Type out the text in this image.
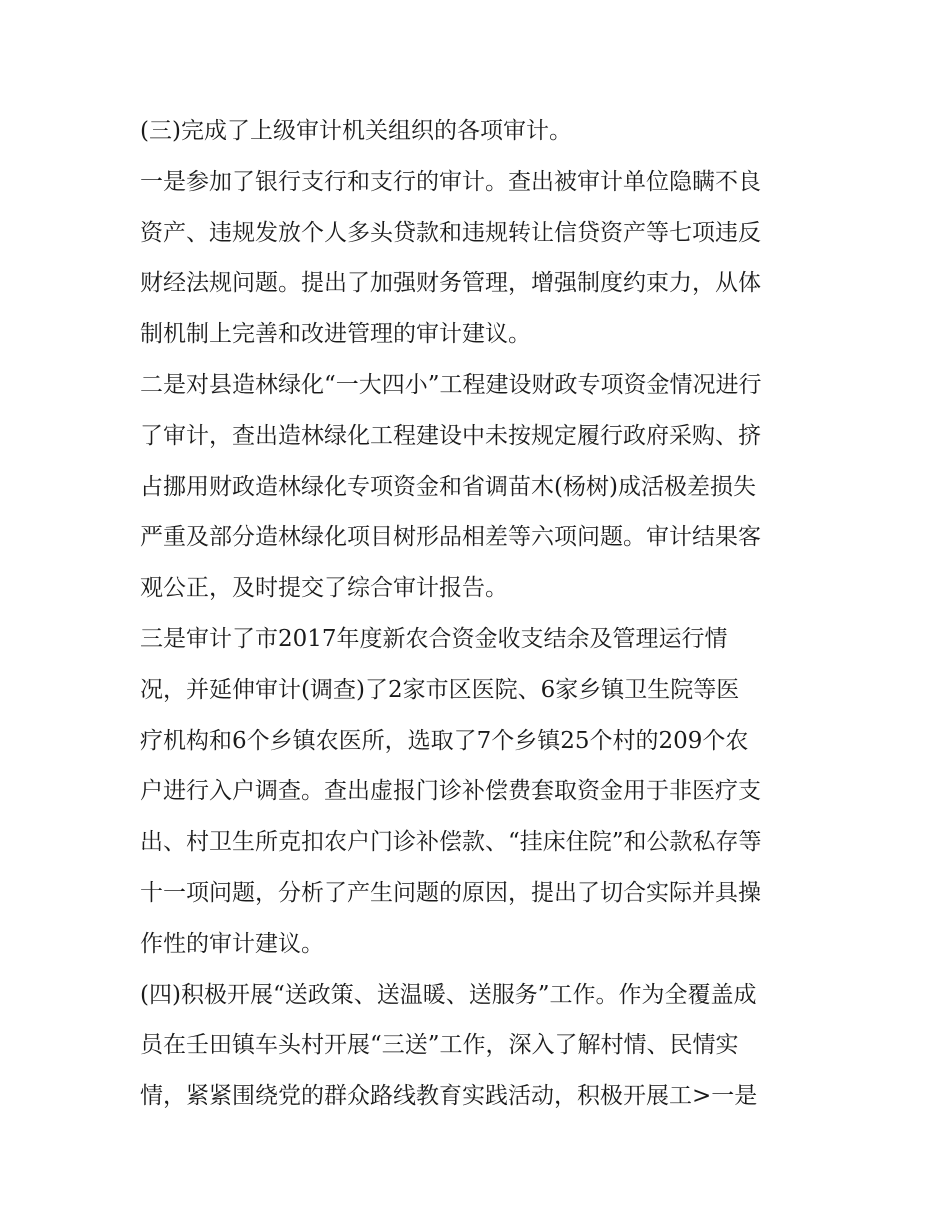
(三)完成了上级审计机关组织的各项审计。
一是参加了银行支行和支行的审计。查出被审计单位隐瞒不良
资产、违规发放个人多头贷款和违规转让信贷资产等七项违反
财经法规问题。提出了加强财务管理，增强制度约束力，从体
制机制上完善和改进管理的审计建议。
二是对县造林绿化“一大四小”工程建设财政专项资金情况进行
了审计，查出造林绿化工程建设中未按规定履行政府采购、挤
占挪用财政造林绿化专项资金和省调苗木(杨树)成活极差损失
严重及部分造林绿化项目树形品相差等六项问题。审计结果客
观公正，及时提交了综合审计报告。
三是审计了市2017年度新农合资金收支结余及管理运行情
况，并延伸审计(调查)了2家市区医院、6家乡镇卫生院等医
疗机构和6个乡镇农医所，选取了7个乡镇25个村的209个农
户进行入户调查。查出虚报门诊补偿费套取资金用于非医疗支
出、村卫生所克扣农户门诊补偿款、“挂床住院”和公款私存等
十一项问题，分析了产生问题的原因，提出了切合实际并具操
作性的审计建议。
(四)积极开展“送政策、送温暖、送服务”工作。作为全覆盖成
员在壬田镇车头村开展“三送”工作，深入了解村情、民情实
情，紧紧围绕党的群众路线教育实践活动，积极开展工>一是
